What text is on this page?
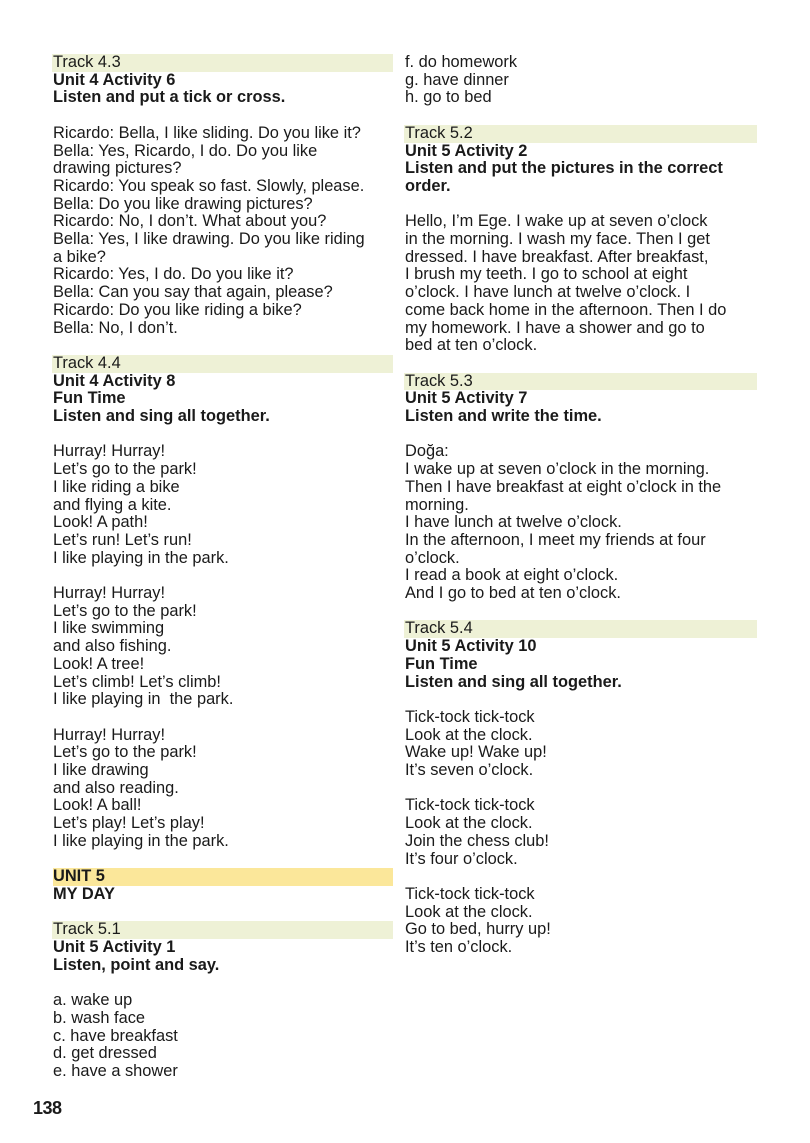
Track 4.3
Unit 4 Activity 6
Listen and put a tick or cross.
Ricardo: Bella, I like sliding. Do you like it?
Bella: Yes, Ricardo, I do. Do you like
drawing pictures?
Ricardo: You speak so fast. Slowly, please.
Bella: Do you like drawing pictures?
Ricardo: No, I don’t. What about you?
Bella: Yes, I like drawing. Do you like riding
a bike?
Ricardo: Yes, I do. Do you like it?
Bella: Can you say that again, please?
Ricardo: Do you like riding a bike?
Bella: No, I don’t.
Track 4.4
Unit 4 Activity 8
Fun Time
Listen and sing all together.
Hurray! Hurray!
Let’s go to the park!
I like riding a bike
and flying a kite.
Look! A path!
Let’s run! Let’s run!
I like playing in the park.
Hurray! Hurray!
Let’s go to the park!
I like swimming
and also fishing.
Look! A tree!
Let’s climb! Let’s climb!
I like playing in  the park.
Hurray! Hurray!
Let’s go to the park!
I like drawing
and also reading.
Look! A ball!
Let’s play! Let’s play!
I like playing in the park.
UNIT 5
MY DAY
Track 5.1
Unit 5 Activity 1
Listen, point and say.
a. wake up
b. wash face
c. have breakfast
d. get dressed
e. have a shower
f. do homework
g. have dinner
h. go to bed
Track 5.2
Unit 5 Activity 2
Listen and put the pictures in the correct
order.
Hello, I’m Ege. I wake up at seven o’clock
in the morning. I wash my face. Then I get
dressed. I have breakfast. After breakfast,
I brush my teeth. I go to school at eight
o’clock. I have lunch at twelve o’clock. I
come back home in the afternoon. Then I do
my homework. I have a shower and go to
bed at ten o’clock.
Track 5.3
Unit 5 Activity 7
Listen and write the time.
Doğa:
I wake up at seven o’clock in the morning.
Then I have breakfast at eight o’clock in the
morning.
I have lunch at twelve o’clock.
In the afternoon, I meet my friends at four
o’clock.
I read a book at eight o’clock.
And I go to bed at ten o’clock.
Track 5.4
Unit 5 Activity 10
Fun Time
Listen and sing all together.
Tick-tock tick-tock
Look at the clock.
Wake up! Wake up!
It’s seven o’clock.
Tick-tock tick-tock
Look at the clock.
Join the chess club!
It’s four o’clock.
Tick-tock tick-tock
Look at the clock.
Go to bed, hurry up!
It’s ten o’clock.
138
